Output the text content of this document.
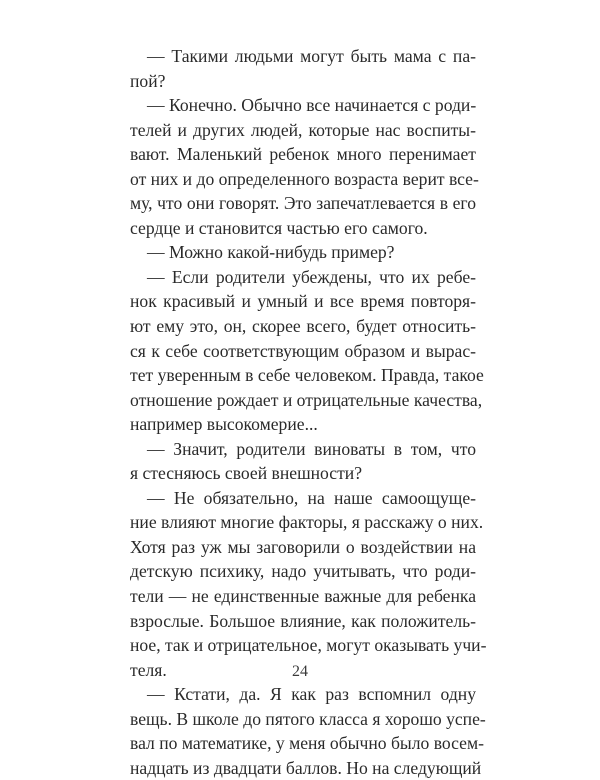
— Такими людьми могут быть мама с па-
пой?
— Конечно. Обычно все начинается с роди-
телей и других людей, которые нас воспиты-
вают. Маленький ребенок много перенимает
от них и до определенного возраста верит все-
му, что они говорят. Это запечатлевается в его
сердце и становится частью его самого.
— Можно какой-нибудь пример?
— Если родители убеждены, что их ребе-
нок красивый и умный и все время повторя-
ют ему это, он, скорее всего, будет относить-
ся к себе соответствующим образом и вырас-
тет уверенным в себе человеком. Правда, такое
отношение рождает и отрицательные качества,
например высокомерие...
— Значит, родители виноваты в том, что
я стесняюсь своей внешности?
— Не обязательно, на наше самоощуще-
ние влияют многие факторы, я расскажу о них.
Хотя раз уж мы заговорили о воздействии на
детскую психику, надо учитывать, что роди-
тели — не единственные важные для ребенка
взрослые. Большое влияние, как положитель-
ное, так и отрицательное, могут оказывать учи-
теля.
— Кстати, да. Я как раз вспомнил одну
вещь. В школе до пятого класса я хорошо успе-
вал по математике, у меня обычно было восем-
надцать из двадцати баллов. Но на следующий
24
